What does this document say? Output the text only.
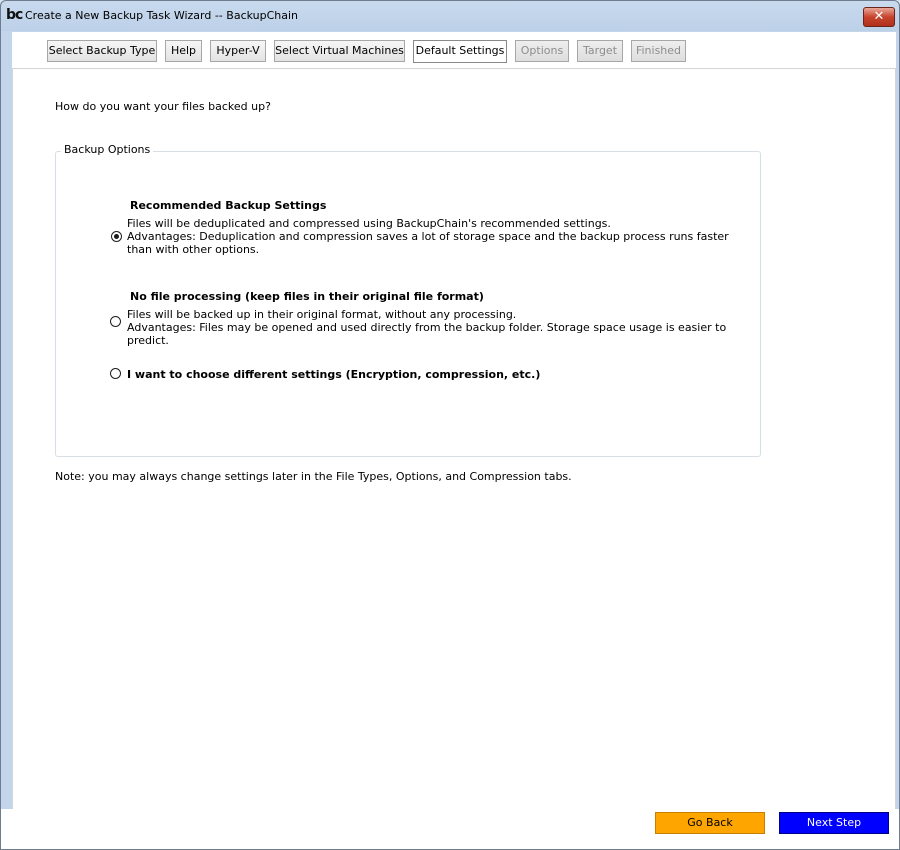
bc Create a New Backup Task Wizard -- BackupChain	✕
Select Backup Type	Help	Hyper-V	Select Virtual Machines Default Settings	Options	Target	Finished
How do you want your files backed up?
Backup Options
Recommended Backup Settings
Files will be deduplicated and compressed using BackupChain's recommended settings.
Advantages: Deduplication and compression saves a lot of storage space and the backup process runs faster
than with other options.
No file processing (keep files in their original file format)
Files will be backed up in their original format, without any processing.
Advantages: Files may be opened and used directly from the backup folder. Storage space usage is easier to predict.
I want to choose different settings (Encryption, compression, etc.)
Note: you may always change settings later in the File Types, Options, and Compression tabs.
Go Back	Next Step
